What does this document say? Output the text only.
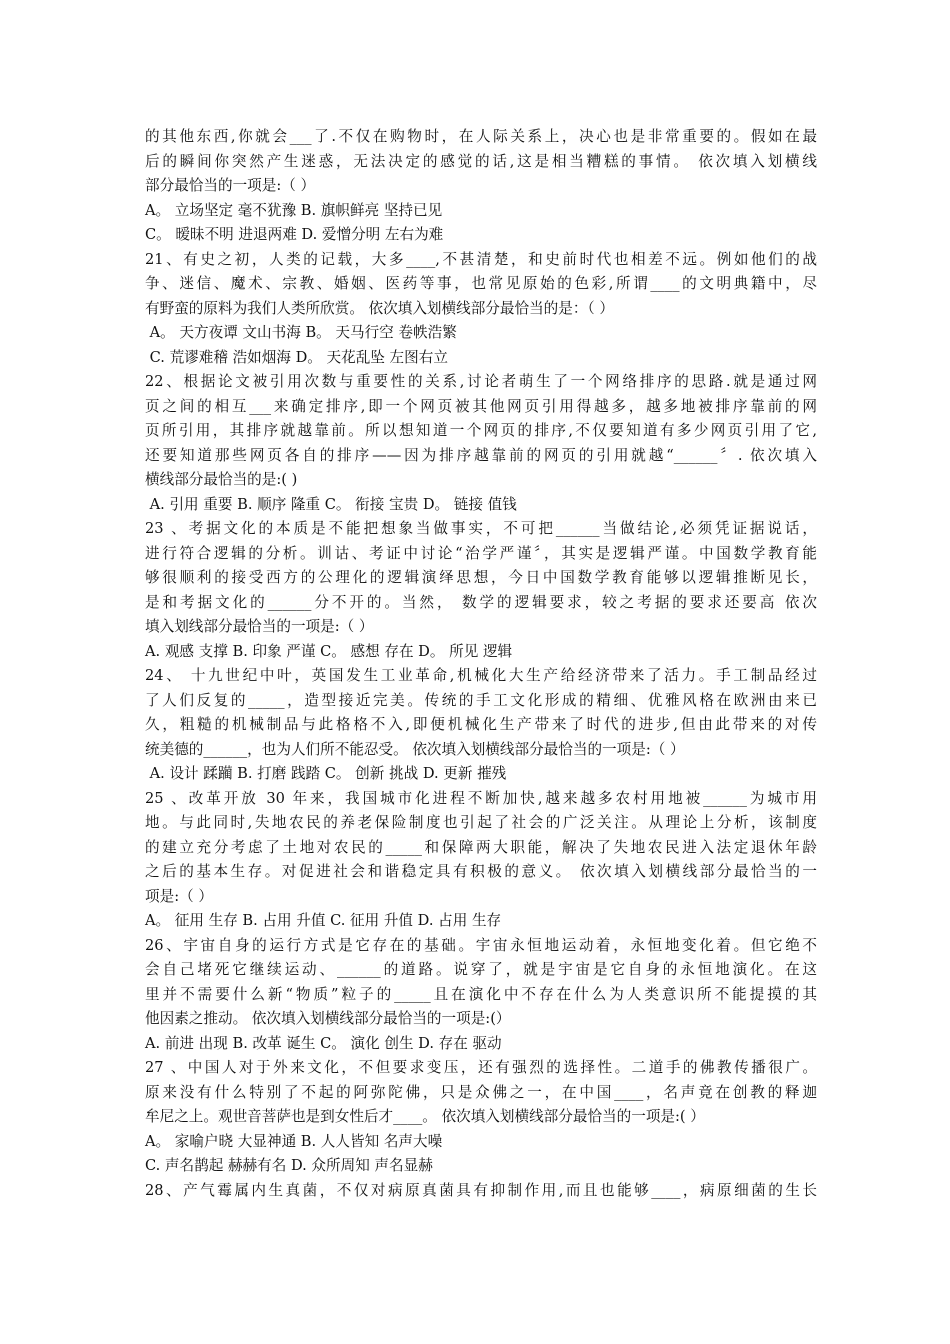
的其他东西,你就会___了.不仅在购物时，在人际关系上，决心也是非常重要的。假如在最
后的瞬间你突然产生迷惑，无法决定的感觉的话,这是相当糟糕的事情。 依次填入划横线
部分最恰当的一项是:（ ）
A。 立场坚定 毫不犹豫 B. 旗帜鲜亮 坚持已见
C。 暧昧不明 进退两难 D. 爱憎分明 左右为难
21、有史之初，人类的记载，大多____,不甚清楚，和史前时代也相差不远。例如他们的战
争、迷信、魔术、宗教、婚姻、医药等事，也常见原始的色彩,所谓____的文明典籍中，尽
有野蛮的原料为我们人类所欣赏。 依次填入划横线部分最恰当的是：（ ）
A。 天方夜谭 文山书海 B。 天马行空 卷帙浩繁
C. 荒谬难稽 浩如烟海 D。 天花乱坠 左图右立
22、根据论文被引用次数与重要性的关系,讨论者萌生了一个网络排序的思路.就是通过网
页之间的相互___来确定排序,即一个网页被其他网页引用得越多，越多地被排序靠前的网
页所引用，其排序就越靠前。所以想知道一个网页的排序,不仅要知道有多少网页引用了它,
还要知道那些网页各自的排序——因为排序越靠前的网页的引用就越“______〞. 依次填入
横线部分最恰当的是:( )
A. 引用 重要 B. 顺序 隆重 C。 衔接 宝贵 D。 链接 值钱
23 、考据文化的本质是不能把想象当做事实，不可把______当做结论,必须凭证据说话，
进行符合逻辑的分析。训诂、考证中讨论“治学严谨〞，其实是逻辑严谨。中国数学教育能
够很顺利的接受西方的公理化的逻辑演绎思想，今日中国数学教育能够以逻辑推断见长，
是和考据文化的______分不开的。当然， 数学的逻辑要求，较之考据的要求还要高 依次
填入划线部分最恰当的一项是:（ ）
A. 观感 支撑 B. 印象 严谨 C。 感想 存在 D。 所见 逻辑
24、 十九世纪中叶，英国发生工业革命,机械化大生产给经济带来了活力。手工制品经过
了人们反复的_____，造型接近完美。传统的手工文化形成的精细、优雅风格在欧洲由来已
久，粗糙的机械制品与此格格不入,即便机械化生产带来了时代的进步,但由此带来的对传
统美德的______，也为人们所不能忍受。 依次填入划横线部分最恰当的一项是:（ ）
A. 设计 蹂躏 B. 打磨 践踏 C。 创新 挑战 D. 更新 摧残
25 、改革开放 30 年来，我国城市化进程不断加快,越来越多农村用地被______为城市用
地。与此同时,失地农民的养老保险制度也引起了社会的广泛关注。从理论上分析，该制度
的建立充分考虑了土地对农民的_____和保障两大职能，解决了失地农民进入法定退休年龄
之后的基本生存。对促进社会和谐稳定具有积极的意义。 依次填入划横线部分最恰当的一
项是:（ ）
A。 征用 生存 B. 占用 升值 C. 征用 升值 D. 占用 生存
26、宇宙自身的运行方式是它存在的基础。宇宙永恒地运动着，永恒地变化着。但它绝不
会自己堵死它继续运动、______的道路。说穿了，就是宇宙是它自身的永恒地演化。在这
里并不需要什么新“物质”粒子的_____且在演化中不存在什么为人类意识所不能提摸的其
他因素之推动。 依次填入划横线部分最恰当的一项是:(）
A. 前进 出现 B. 改革 诞生 C。 演化 创生 D. 存在 驱动
27 、中国人对于外来文化，不但要求变压，还有强烈的选择性。二道手的佛教传播很广。
原来没有什么特别了不起的阿弥陀佛，只是众佛之一，在中国____，名声竟在创教的释迦
牟尼之上。观世音菩萨也是到女性后才____。 依次填入划横线部分最恰当的一项是:( ）
A。 家喻户晓 大显神通 B. 人人皆知 名声大噪
C. 声名鹊起 赫赫有名 D. 众所周知 声名显赫
28、产气霉属内生真菌，不仅对病原真菌具有抑制作用,而且也能够____，病原细菌的生长
